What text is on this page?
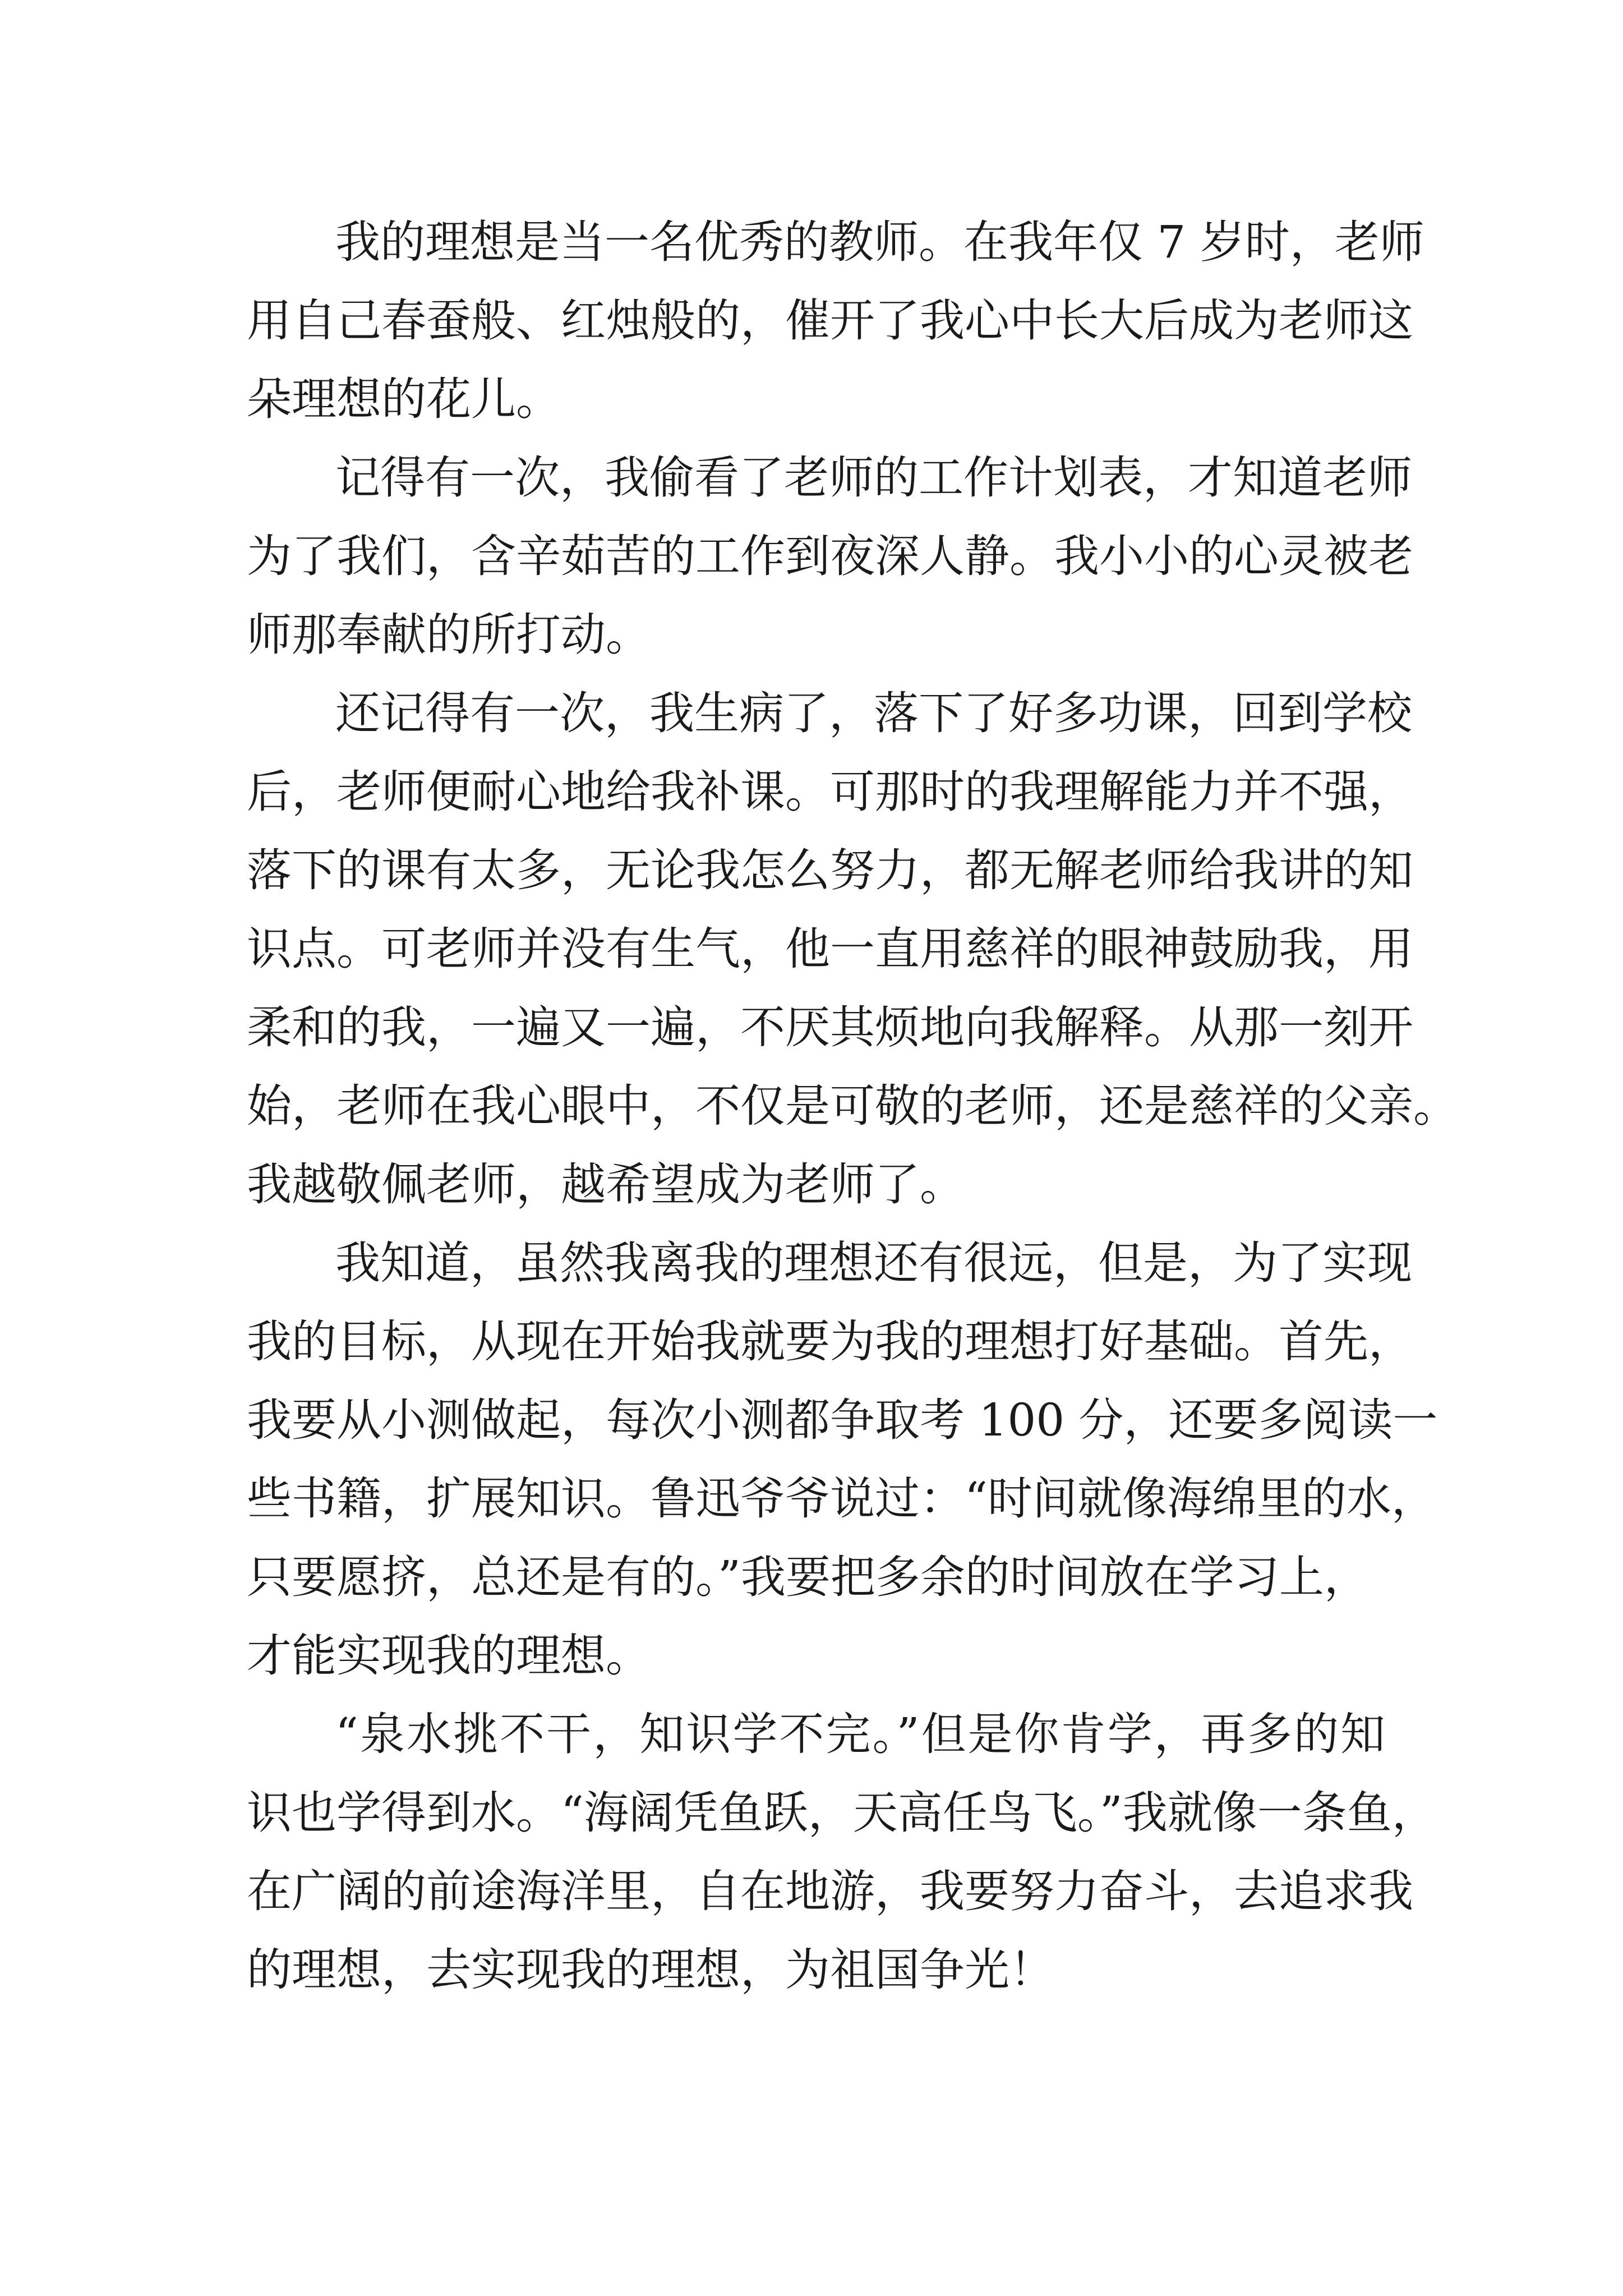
我的理想是当一名优秀的教师。在我年仅 7 岁时，老师
用自己春蚕般、红烛般的，催开了我心中长大后成为老师这
朵理想的花儿。
记得有一次，我偷看了老师的工作计划表，才知道老师
为了我们，含辛茹苦的工作到夜深人静。我小小的心灵被老
师那奉献的所打动。
还记得有一次，我生病了，落下了好多功课，回到学校
后，老师便耐心地给我补课。可那时的我理解能力并不强，
落下的课有太多，无论我怎么努力，都无解老师给我讲的知
识点。可老师并没有生气，他一直用慈祥的眼神鼓励我，用
柔和的我，一遍又一遍，不厌其烦地向我解释。从那一刻开
始，老师在我心眼中，不仅是可敬的老师，还是慈祥的父亲。
我越敬佩老师，越希望成为老师了。
我知道，虽然我离我的理想还有很远，但是，为了实现
我的目标，从现在开始我就要为我的理想打好基础。首先，
我要从小测做起，每次小测都争取考 100 分，还要多阅读一
些书籍，扩展知识。鲁迅爷爷说过：“时间就像海绵里的水，
只要愿挤，总还是有的。”我要把多余的时间放在学习上，
才能实现我的理想。
“泉水挑不干，知识学不完。”但是你肯学，再多的知
识也学得到水。“海阔凭鱼跃，天高任鸟飞。”我就像一条鱼，
在广阔的前途海洋里，自在地游，我要努力奋斗，去追求我
的理想，去实现我的理想，为祖国争光！
